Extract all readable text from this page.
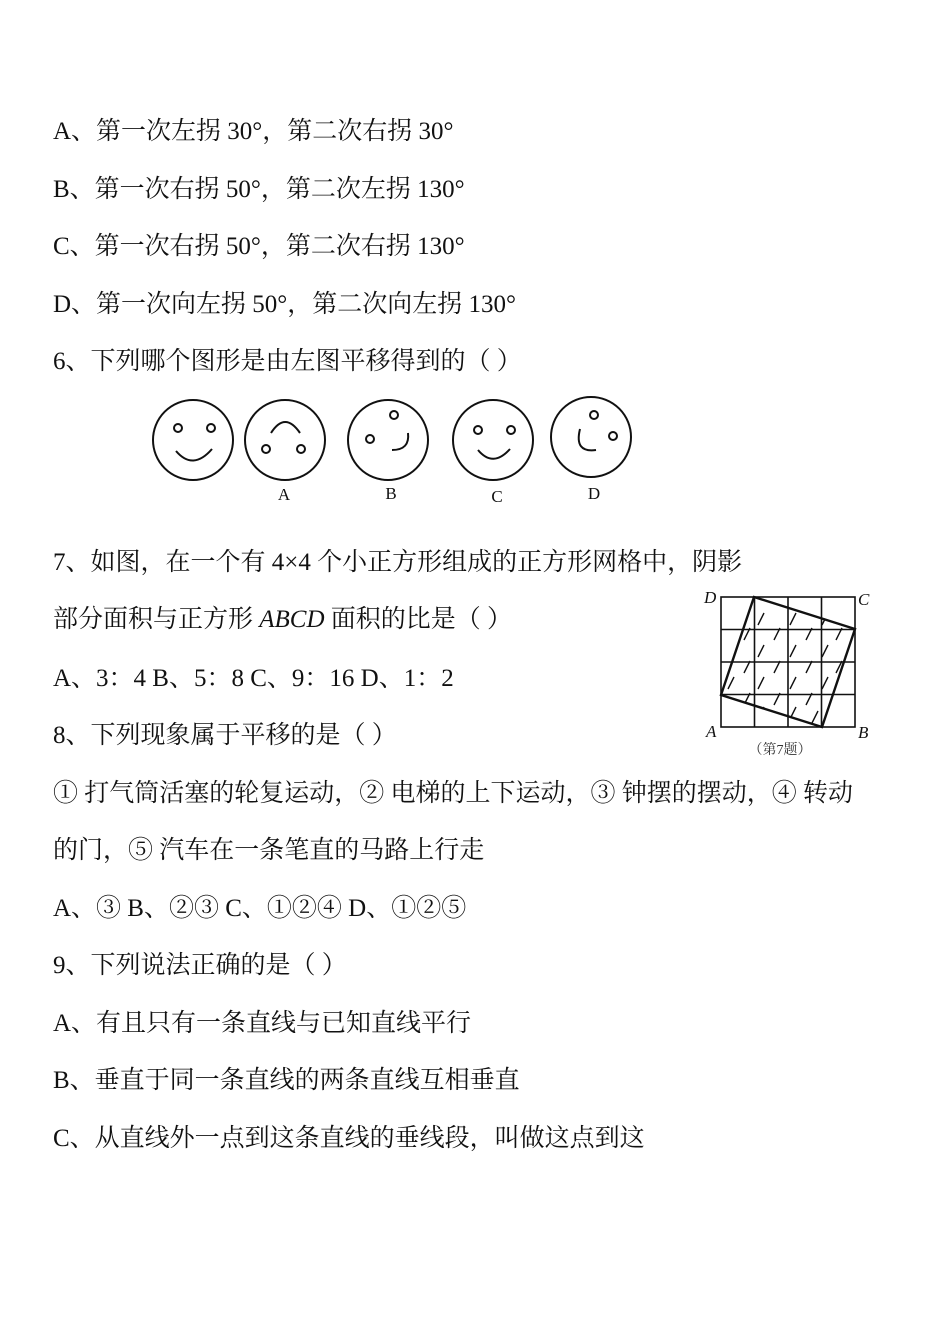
A、第一次左拐 30°，第二次右拐 30°
B、第一次右拐 50°，第二次左拐 130°
C、第一次右拐 50°，第二次右拐 130°
D、第一次向左拐 50°，第二次向左拐 130°
6、下列哪个图形是由左图平移得到的（ ）
A	B	C	D
7、如图，在一个有 4×4 个小正方形组成的正方形网格中，阴影
部分面积与正方形 ABCD 面积的比是（ ）
A、3：4 B、5：8 C、9：16 D、1：2
D	C
A	B
（第7题）
8、下列现象属于平移的是（ ）
① 打气筒活塞的轮复运动，② 电梯的上下运动，③ 钟摆的摆动，④ 转动
的门，⑤ 汽车在一条笔直的马路上行走
A、③ B、②③ C、①②④ D、①②⑤
9、下列说法正确的是（ ）
A、有且只有一条直线与已知直线平行
B、垂直于同一条直线的两条直线互相垂直
C、从直线外一点到这条直线的垂线段，叫做这点到这
